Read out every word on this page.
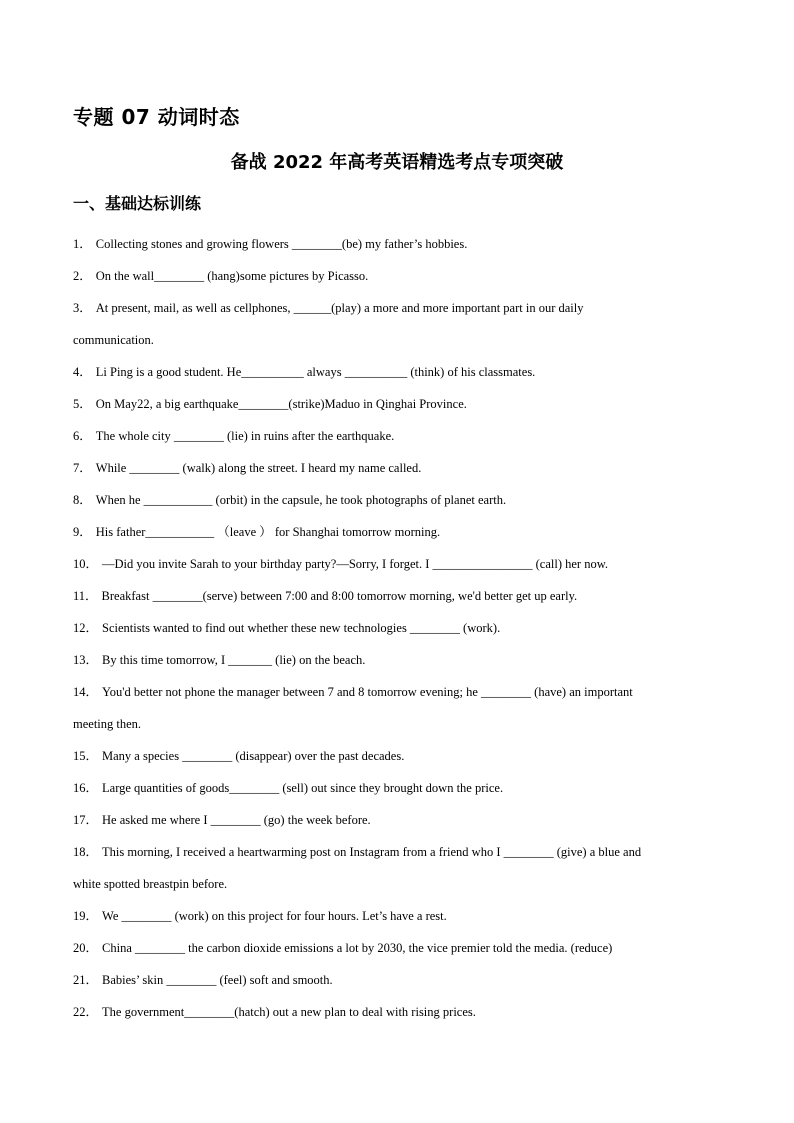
专题 07 动词时态
备战 2022 年高考英语精选考点专项突破
一、基础达标训练
1． Collecting stones and growing flowers ________(be) my father’s hobbies.
2． On the wall________ (hang)some pictures by Picasso.
3． At present, mail, as well as cellphones, ______(play) a more and more important part in our daily
communication.
4． Li Ping is a good student. He__________ always __________ (think) of his classmates.
5． On May22, a big earthquake________(strike)Maduo in Qinghai Province.
6． The whole city ________ (lie) in ruins after the earthquake.
7． While ________ (walk) along the street. I heard my name called.
8． When he ___________ (orbit) in the capsule, he took photographs of planet earth.
9． His father___________ （leave ） for Shanghai tomorrow morning.
10． —Did you invite Sarah to your birthday party?—Sorry, I forget. I ________________ (call) her now.
11． Breakfast ________(serve) between 7:00 and 8:00 tomorrow morning, we'd better get up early.
12． Scientists wanted to find out whether these new technologies ________ (work).
13． By this time tomorrow, I _______ (lie) on the beach.
14． You'd better not phone the manager between 7 and 8 tomorrow evening; he ________ (have) an important
meeting then.
15． Many a species ________ (disappear) over the past decades.
16． Large quantities of goods________ (sell) out since they brought down the price.
17． He asked me where I ________ (go) the week before.
18． This morning, I received a heartwarming post on Instagram from a friend who I ________ (give) a blue and
white spotted breastpin before.
19． We ________ (work) on this project for four hours. Let’s have a rest.
20． China ________ the carbon dioxide emissions a lot by 2030, the vice premier told the media. (reduce)
21． Babies’ skin ________ (feel) soft and smooth.
22． The government________(hatch) out a new plan to deal with rising prices.
